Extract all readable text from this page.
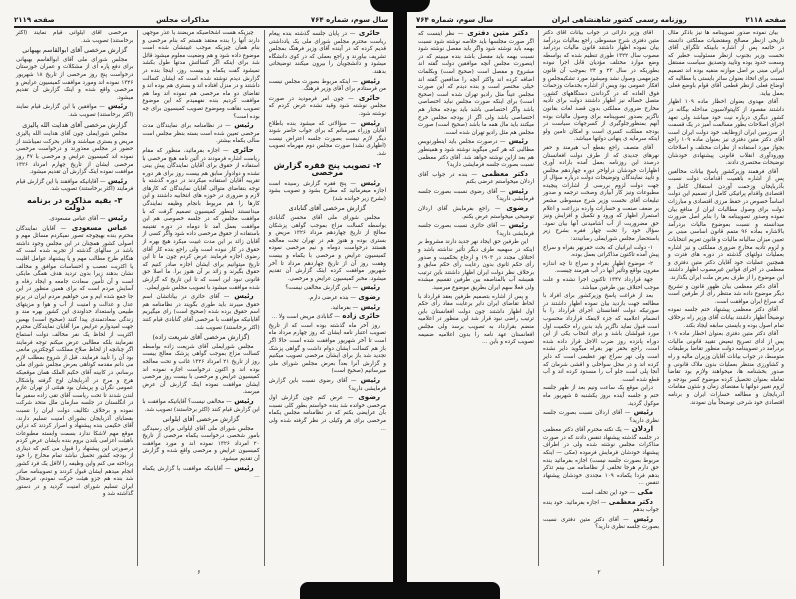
سال سوم، شماره ۷۶۴
مذاکرات مجلس
صفحه ۲۱۱۹
حائری — در پایان جلسه گذشته بنده پیغام ریاست محترم مجلس شورای ملی یک یادداشتی قدیم کرده که در آینده آقای وزیر فرهنگ بمجلس تشریف بیاورند و راجع بعملی که در کوی دانشگاه میشود و دانشجویان را بیرون میکنند توضیحاتی بدهند.
رئیس — اینکه مربوط بصورت مجلس نیست من فرستادم برای آقای وزیر فرهنگ.
حائری — چون امر فرمودید در صورت مجلس نوشته شود وقید نشده عرض کردم که نوشته شود.
رئیس — سؤالاتی که میشود بنده باطلاع آقایان وزراء میرسانم که برای جواب حاضر شوند دیگر لازم نیست بصورت جلسه اعتراض نیست (اظهاری نشد) صورت مجلس دوم مهرماه تصویب شد.
۲- تصویب پنج فقره گزارش مرخصی
رئیس — پنج فقره گزارش رسیده است اجازه میفرمائید که مطرح بشود و تصویب بشود (بشرح زیر خوانده شد)
گزارش مرخصی آقای گنابادی
مجلس شورای ملی آقای محسن گنابادی بواسطه کسالت مزاج بموجب گواهی پزشکان معالج از تاریخ چهاردهم مرداد ۱۳۲۶ مریض و بستری بوده و هنوز هم در تهران تحت معالجه هستند درخواست دوماه و نیم مرخصی نموده کمیسیون عرایض و مرخصی با یکماه و بیست وهفت روز آن از تاریخ چهاردهم مرداد تا آخر شهریور موافقت کرده اینک گزارش آن تقدیم میشود. مخبر کمیسیون عرایض و مرخصی.
رئیس — باین گزارش مخالفی نیست؟
رضوی — بنده عرضی دارم.
رئیس — بفرمائید.
حائری زاده — گنابادی مریض است ولا …
روز آخر ماه گذشته بوده است که از تاریخ تصویب اعتبار نامه ایشان که روز چهارم مرداد ماه است تا آخر شهریور موافقت شده است حالا اگر باز هم کسالت ایشان دوام داشت و گواهی پزشک تجدید شد باز برای ایشان مرخصی تصویب میکنیم و گزارش آنرا بعداً بعرض مجلس شورای ملی میرسانیم (صحیح است)
رئیس — آقای رضوی نسبت باین گزارش فرمایشی دارید؟
رضوی — عرض کنم چون گزارش اول مرخصی خوانده شد بنده خواستم بطور کلی نسبت بآن عرایضی بکنم که در نظامنامه مجلس یکماه مرخصی برای هر وکیلی در نظر گرفته شده ولی …
چیزیکه هست اشخاصیکه مریضند یا عذر موجهی دارند آنها را بنده معتقد هستم که بنام مرخصی و بنام همان چیزیکه موجب غیبتشان شده است موضوع داده شود و هم وضعیت معلوم میشود قائل شد برای اینکه اگر کسالتش مدتها طول بکشد نمیشود گفت یکماه و بیست روز، اینجا بنده در گزارش دیدم نوشته شده است که ایشان کسالت داشتند و در منزل افتاده اند و بستری هم بوده اند و تقاضای دو ماه مرخصی هم نموده اند وما هم موافقت کردیم بنده نفهمیدم که این موضوع تصویب نقاهت وموضوع تصویب کمیسیون برای چه بوده است؟
رئیس — در نظامنامه برای نمایندگان مدت مرخصی تعیین شده است بسته بنظر مجلس است سالی یکماه بیشتر.
حائری — اجازه بفرمائید، منظور که مقام ریاست اشاره فرمودند در آئین نامه هیچ مرخصی با استفاده از حقوق برای آقایان نمایندگان پیش بینی نشده و دوادوار سابق هم بیست روز برای هر دوره تقریبه آقایان استفاده میکردند در دوره گذشته با توجه بتقاضای متوالی آقایان نمایندگان که کارهای لازم و ضروری در حوزه های انتخابیه داشتند و این کارها را هم مربوط بانجام وظیفه نمایندگی میدانستند اینطور کمیسیون تصمیم گرفت که با موافقت مجلس که در جلسه خصوصی هم این موافقت بعمل آمد تا دوماه در دوره تقنینیه باستفاده از حقوق مرخصی داده شود واگر کسی از آقایان زائد بر این مدت غیبت میکرد هیچ بهره از حقوق در کار نبوده است ولی راجع بنده کار آقای رضوی اجازه فرمایند عرض کردم چون ما تا این تاریخ میتوانیم برای ایشان اجازه صادر کنیم که حقوق بگیرند و زائد بر آن هنوز برا. ما اصلا حق قانونی نبود این است که تا این تاریخ که گزارش شده موافقت میشود با تصویب مجلس شورایملی.
رئیس — آقای حائری در بیاناتشان اسم حقوق میبرند باید طوری بگویند در نظامنامه هم اسم حقوق برده شده (صحیح است) رای میگیریم آقایانیکه موافقت با مرخصی آقای گنابادی قیام کنند (اکثر برخاستند) تصویب شد.
(گزارش مرخصی آقای شریعت زاده)
مجلس شورایملی آقای شریعت زاده بواسطه کسالت مزاج بموجب گواهی پزشک معالج بیست روز از تاریخ ۲۱ امرداد ۱۳۲۶ غائب و تحت معالجه بوده اند و اکنون درخواست اجازه نموده اند کمیسیون عرایض و مرخصی با بیست روز مرخصی ایشان موافقت نموده اینک گزارش آن عرض میرسد.
رئیس — مخالفی نیست؟ آقایانیکه موافقت با این گزارش قیام کنند (اکثر برخاستند) تصویب شد.
گزارش مرخصی آقای ایلوانی
مجلس شورای ملی آقای ایلوانی برای رسیدگی بامور شخصی درخواست یکماه مرخصی از تاریخ ۲۰ امرداد ۱۳۲۶ نموده اند و مورد موافقت کمیسیون عرایض و مرخصی واقع شده و گزارش آن تقدیم میشود.
رئیس — آقایانیکه موافقت با گزارش یکماه …
مرخصی آقای ایلوانی قیام نمایند (اکثر برخاستند) تصویب شد.
گزارش مرخصی آقای ابوالقاسم بهبهانی
مجلس شورای ملی آقای ابوالقاسم بهبهانی برای دفع پاره ای از مشکلات و عمران خوزستان درخواست پنج روز مرخصی از تاریخ ۱۸ شهریور ۱۳۲۶ نموده اند ومورد موافقت کمیسیون عرایض و مرخصی واقع شده و اینک گزارش آن تقدیم میشود.
رئیس — موافقین با این گزارش قیام نمایند (اکثر برخاستند) تصویب شد.
گزارش مرخصی آقای هدایت الله پالیزی
مجلس شورایملی چون آقای هدایت الله پالیزی مریض و بستری میباشند و قادر بحرکت نمیباشند از حضور در مجلس معذورند و درخواست مرخصی نموده اند کمیسیون عرایض و مرخصی با ۴۷ روز مرخصی ایشان از تاریخ چهارم امرداد ۱۳۲۶ موافقت نموده اینک گزارش آن تقدیم میشود.
رئیس — آقایانیکه موافقند با این گزارش قیام فرمایند (اکثر برخاستند) تصویب شد.
۳- بقیه مذاکره در برنامه دولت
رئیس — آقای عباس مسعودی.
عباس مسعودی — آقایان نمایندگان محترم بنده بهیچوجه تصور نمیکردم مسائل مهم و اصولی کشور همچنان در این مجلس وجود داشته باشد در سالهای گذشته از تجربه شده است که هنگام طرح مطالب مهم و یا پیشنهاد عوامل اقلیت یا اکثریت تعصب و احساسات موافق و مخالف نشان بدهند زیرا بدون تردید هدف همگی مایکی است و آن تأمین سعادت جامعه و ایجاد رفاه و آسایش مردم است که برای همین منظور در این جا جمع شده ایم و می خواهیم مردم ایران در پرتو عدل و عدالت و امنیت از آب و هوا و مزیتهای طبیعی واستعداد خداوندی این کشور بهره مند و زندگی سعادتمندی پیدا کنند (صحیح است) بهمین جهت امیدوارم عرایض مرا آقایان نمایندگان محترم اکثریت از لحاظ یک نفر مخالف دولت استماع نفرمایند بلکه مطالبی عرض میکنم توجه فرمایند اگر چنانچه از لحاظ صلاح مملکت کوچکترین مانعی بود آن را تأیید فرمایند. قبل از شروع بمطلب لازم می دانم مقدمه کوتاهی بعرض مجلس شورای ملی برسانم، در کابینه آقای حکیم الملک همان موقعیکه هرج و مرج در آذربایجان اوج گرفته واشکال عمومی نگران و پریشان بود هیئتی از تهران عازم لندن شدند تا تحت ریاست آقای تقی زاده سفیر ما در انگلستان در جلسه سازمان ملل متحد شرکت نموده و برخلاف تکالیف دولت ایران را نسبت بقضایای آذربایجان بشورای امنیت تسلیم دارند، آقای حکیمی بنده پیشنهاد و اصرار کردند که دراین موقع مهم لاشکا ندارد بسمت وابسته مطبوعات باهیئت اعزامی بلندن بروم بنده بایشان عرض کردم درصورتی این پیشنهاد را قبول می کنم که دیناری از بودجه کشور تحمیل نباشد تمام مخارج را خود پرداخته می کنم واین وظیفه را لااقل یک فرد کشور انجام میدهم ایشان قبول کردند و تصویبنامه صادر شد بنده هم جزو هیئت حرکت نمودم، عرضحال ایران تسلیم شورای امنیت گردید و در دستور گذاشته شد و
۶
صفحه ۲۱۱۸
روزنامه رسمی کشور شاهنشاهی ایران
سال سوم، شماره ۷۶۴
بیان نموده صدور تصویبنامه ها نیز باذکر مثال تاریخی ازنظر مصالح ومقتضیات مملکتی دانسته در خاتمه پس از اشاره بابینکه تلگراف آقای نخست وزیر بجنوب ازنظر مسئولیت خطیر که وسعت حدود بوده وتایید وتصدیق سیاست مستقل ایرانی مبنی بر اصل موازنه منفیه بوده اند تصمیم نسبت برای اتخاذ بعنوان سائر بایستی با مطالبه که اوضاع فعلی ازنظر قطعی آقای قوام باوضع فعلی بعمل بیاید.
آقای مهدوی بعنوان اخطار ماده ۱۰۹ اظهار داشتند مقصود از کاپیتولاسیون مداخله بیگانه در کشور دیگری درباره نیت خود میباشد ولی تعهد اجرای اصلاحات بطور مسالمت آمیز در یک قسمت از سرزمین ایران ازوظایف خود دولت ایران است آقای دکتر متین دفتری نیز بعنوان ماده ۱۰۹ راجع بجواز مورد استفاده از نظرات مختلف و اصلاحات وورودآوری انقلاب قانونی پیشنهادی خودشان توضیحات مختصری دادند.
آقای فرهمند وزیرکشور پاسخ بیانات مخالفین پس از اشاره باهمیت اقدامات دولت نسبت بآذربایجان وزحمت آوردن استقلال کامل و اقتصادی واقدام پراتیکی کامل از تصمیم این دولت اساساً خصوص در حفظ مرزی اقتصادی و مبارزات دولت برای وصول مطالبات ایران از منافع بیان نموده وصدور تصویبنامه ها را بنابر اصل ضرورت میدانسته و نسبت بموضوع مالیات بردرآمد بالاشاره بماده ۹۶ متمم قانون اساسی مبنی بر تعیین میزان سالیانه مالیات و قانون تعریم انتخابات و لزوم تأدیه مخارج ضروری مملکتی و نیز اشاره بعملیات دولتهای گذشته در دوره های فترت و همچنین عملیات خود آقایان دکتر متین دفتری و معظمی در اجرای قوانین غیرمصوب اظهار داشتند این موضوع را از طرف بعرض ملت ایران بگذارند.
آقای دکتر معظمی بیان ظهور قانون و تشریح دیگر موضوع داده شد منتظر رأی از طرفین است که سراغ ایران موافقت است.
آقای دکتر معظمی پیشنهاد ختم جلسه نموده توضیحاً اظهار داشتند بیانات آقای وزیر راه برخلاف تمام اصول بوده و بایستی سابقه ایجاد بکند.
آقای دکتر متین دفتری بعنوان اخطار ماده ۱۰۹ پس از ادای تصریح تبعیض تقیید قانونی مالیات بردرآمد در تصویبنامه دولت منظور تقاضا برطبقات متوسط، در جواب بیانات آقایان وزیران مالیه و راه و کشاورزی منتظر بعملیات بدون ملاک قانونی و صدور بخشنامه ها، میخواهند ولازم بود تقاضا تعامله بعنوان تحصیل کرده موضوع کسر بودجه و لزوم تغییر دولتها یا مقتضای زمان و شئون مقامات آذربایجان و مطالعه خسارات ایران و برنامه اقتصادی خود شرحی توضیحاً بیان نمودند.
آقای وزیر دارائی در جواب بیانات آقای دکتر متین دفتری شرح مبسوطی راجع بمالیات بردرآمد بیان نموده اظهار داشتند قانون مالیات بردرآمد مصوب سال ۱۳۲۲ طوری تنظیم شده که بواسطه وضع موارد مختلف مؤدیان قابل اجرا نبوده بطوریکه در سال ۲۳ و ۲۴ بموجب آن قانون چیزمهمی وصول نشد ومیشود مورد تشکیمجلس و افکار عمومی بود ویس از اشاره بخدمات وزحمات فوق العاده که در گرداندن دستگاههای کشور، متصل خصاله نیز اظهار داشتند دولت برای تأدیه مخارج ضروری مملکتی بدون قصد لغات بقانون ناگزیر بصدور تصویبنامه برای وصول مالیات بوده آنهم بمنظورجلوگیری از کسرجهات سیاست در بودجه مملکت کسری است و امکان تامین ولو اینکه سرمایه ی پنهانی دولتها میباشد.
آقای متصف راجع بقطع آب هیرمند و حفر نهرهای جدیدی که از طرف دولت افغانستان درصدد این روزنامه بعمل آمده باراده آوری اظهارات خودشان دراواخر دوره چهاردهم مجلس و تأیید نمایندگان وتوضیحات دولت درباره سؤال از جهت دولت لزوم بررسی از اشارات پیچیده مطبوعات ونیز کار آبیاری وصحت ترجمه و صدور تبلیغات آقای نخست وزیر شرح مبسوطی مشعر بر ضعف صنعت و خسارات وارده بزراعت و اعلام استمرار اظهار که ورود و تکمیل و افزایش ونیز حق مضروریت از آب آشامیدنی آنها بیان نمود. سؤال خود را تحت چهار فقره بشرح زیر باستحضار مجلس شورایملی رسانیدند:
۱- دولت ایرانیان که بحث حفرنهر بقراه و سراج پیش آمده تاکنون مذاکراتی بعمل بوده.
۲- موضوع اظهار بقراه و سراج تا چه اندازه مقرون بواقع وتأثیر آنها در آب هیرمند چیست.
جهة قرارداد ۱۳۴۷ تاکنون اجرا نشده و علت موجب اختلاف بین طرفین میباشد.
بعد از فراغت پاسخ وزیرکشور برای افراد با مطالعه جهت بازدید بیان نموده اظهار داشتند در صورتیکه دولت افغانستان اجرای قرارداد را با انضمام اعلامیه که جزء لاینفک قرارداد محسوب است قبول نماید ناگزیر باید بدین راه حکمیت اول مورد قبولشان باشد و برای انتخاب یکی از این دوراه پانزده روز ضرب الاجل قرار داده شده است، راجع بحفر نهر بقراه میگوید دایر نشده است ولی نهر سراج نهر عظیمی است که دایر کرده اند و در محل سواحلی و اقشی شرمان که آنجا پلی است جلو آب را مسدود کرده اند و آب قطع شده است.
دراین موقع یک ساعت ونیم بعد از ظهر جلسه ختم و جلسه آینده بروز یکشنبه ۵ شهریور ماه موکول گردید.
رئیس — آقای اردلان نسبت بصورت جلسه نظری دارید؟
اردلان — یک نکته محترم آقای دکتر معظمی در جلسه گذشته پیشنهاد تنفس دادند که در صورت مذاکرات مجلس نوشته شده ولی در اطراف پیشنهاد خودشان فرمایش فرموده (مکی — اینکه مربوط بصورت جلسه نیست) اجازه بفرمائید بنده حق دارم هرجا تخلفی از نظامنامه می بینم تذکر بدهم فردا یکماده ۱۰۹ مجددی خودشان پیشنهاد تنفس …
مکی — خود این تخلف است
دکتر معظمی — اجازه بفرمائید. خود بنده جواب بدهم
رئیس — آقای دکتر متین دفتری نسبت بصورت جلسه نظری دارید؟
دکتر متین دفتری — نظر اینست که اگر صورت مجلسها باید خلاصه نوشته شود نسبت بهمه باید نوشته شود واگر باید مفصل نوشته شود نسبت بهمه باید مفصل باشد بنده میبینم که در اینصورت مجلس آنچه موافقین دولت گفته اند مشروح و مفصل است (صحیح است) وبکلمات اضافه کرده اند واکثر آنچه را مدافعین گفته اند خیلی مختصر است و بنده دیدم که این صورت مجلس عیناً مثل رادیو تهران شده است (صحیح است) برای اینکه صورت مجلس نباید اختصاصی باشد واگر اختصاصی باشد باید بودجه مختار هم اختصاصی باشد ولی اگر از بودجه مجلس خرج میکنند باید مال همه ما باشد (صحیح است) صورت مجلس هم مثل رادیو تهران شده است.
رئیس — درصورت مجلس باید اینطورنویس مطالبی که هر کس میگوید نوشته شود و همینطور هم بعد ازاین نوشته خواهد شد. آقای دکتر معظمی نسبت بصورت جلسه فرمایشی دارید؟
دکتر معظمی — بنده در جواب آقای اردلان میخواستم عرضی بکنم
رئیس — آقای رضوی نسبت بصورت جلسه فرمایشی دارید؟
رضوی — راجع بفرمایش آقای اردلان توضیحی میخواستم عرض بکنم.
رئیس — آقای حائری نسبت بصورت جلسه فرمایشی دارید؟
این طرفین حق ایجاد نهر جدید دارند مشروط بر اینکه در سهمیه طرف دیگر تأثیر نداشته باشد و اختلاف مجدد در ۱۹۰۳ و ارجاع بحکمیت و صدور رأی حکم ثانوی بدون رعایت رأی حکم سابق و برخلاف نظر دولت ایران اظهار داشتند باین ترتیب همیشه آب بالمناصفه بین طرفین تقسیم میشده ولی فعلا سهم ایران بطریق موضوع میرسید.
و پس از اشاره بتصمیم طرفین بعقد قرارداد با لحاظ تقاضای ایران دایر برعایت مفاد رأی حکم اول اظهار داشتند چون دولت افغانستان باین ترتیب راضی نبود قرار شد این منظور در اعلامیه منضم بقرارداد به تصویب برسد ولی مجلس افغانستان عهد نامه را بدون اعلامیه ضمیمه تصویب کرده و باین …
۲
